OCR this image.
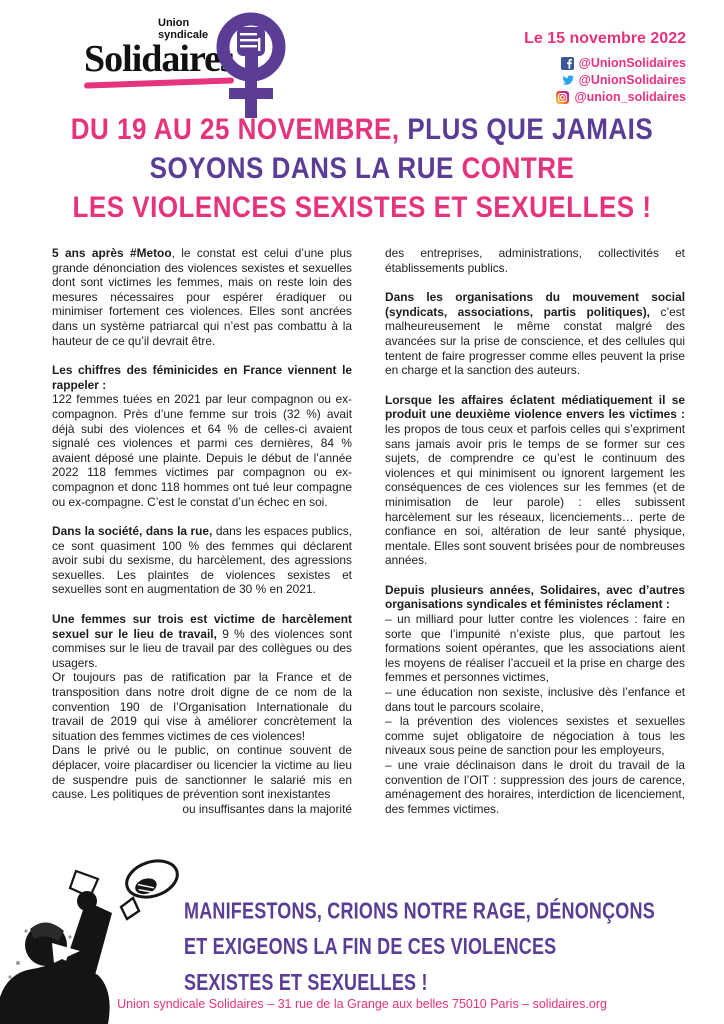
Union syndicale
Solidaires	Le 15 novembre 2022
@UnionSolidaires
@UnionSolidaires
@union_solidaires
DU 19 AU 25 NOVEMBRE, PLUS QUE JAMAIS
SOYONS DANS LA RUE CONTRE
LES VIOLENCES SEXISTES ET SEXUELLES !

5 ans après #Metoo, le constat est celui d’une plus grande dénonciation des violences sexistes et sexuelles dont sont victimes les femmes, mais on reste loin des mesures nécessaires pour espérer éradiquer ou minimiser fortement ces violences. Elles sont ancrées dans un système patriarcal qui n’est pas combattu à la hauteur de ce qu’il devrait être.

Les chiffres des féminicides en France viennent le rappeler :

122 femmes tuées en 2021 par leur compagnon ou ex-compagnon. Près d’une femme sur trois (32 %) avait déjà subi des violences et 64 % de celles-ci avaient signalé ces violences et parmi ces dernières, 84 % avaient déposé une plainte. Depuis le début de l’année 2022 118 femmes victimes par compagnon ou ex-compagnon et donc 118 hommes ont tué leur compagne ou ex-compagne. C’est le constat d’un échec en soi.

Dans la société, dans la rue, dans les espaces publics, ce sont quasiment 100 % des femmes qui déclarent avoir subi du sexisme, du harcèlement, des agressions sexuelles. Les plaintes de violences sexistes et sexuelles sont en augmentation de 30 % en 2021.

Une femmes sur trois est victime de harcèlement sexuel sur le lieu de travail, 9 % des violences sont commises sur le lieu de travail par des collègues ou des usagers.

Or toujours pas de ratification par la France et de transposition dans notre droit digne de ce nom de la convention 190 de l’Organisation Internationale du travail de 2019 qui vise à améliorer concrètement la situation des femmes victimes de ces violences!

Dans le privé ou le public, on continue souvent de déplacer, voire placardiser ou licencier la victime au lieu de suspendre puis de sanctionner le salarié mis en cause. Les politiques de prévention sont inexistantes
ou insuffisantes dans la majorité

des entreprises, administrations, collectivités et établissements publics.

Dans les organisations du mouvement social (syndicats, associations, partis politiques), c’est malheureusement le même constat malgré des avancées sur la prise de conscience, et des cellules qui tentent de faire progresser comme elles peuvent la prise en charge et la sanction des auteurs.

Lorsque les affaires éclatent médiatiquement il se produit une deuxième violence envers les victimes : les propos de tous ceux et parfois celles qui s’expriment sans jamais avoir pris le temps de se former sur ces sujets, de comprendre ce qu’est le continuum des violences et qui minimisent ou ignorent largement les conséquences de ces violences sur les femmes (et de minimisation de leur parole) : elles subissent harcèlement sur les réseaux, licenciements… perte de confiance en soi, altération de leur santé physique, mentale. Elles sont souvent brisées pour de nombreuses années.

Depuis plusieurs années, Solidaires, avec d’autres organisations syndicales et féministes réclament :

– un milliard pour lutter contre les violences : faire en sorte que l’impunité n’existe plus, que partout les formations soient opérantes, que les associations aient les moyens de réaliser l’accueil et la prise en charge des femmes et personnes victimes,

– une éducation non sexiste, inclusive dès l’enfance et dans tout le parcours scolaire,

– la prévention des violences sexistes et sexuelles comme sujet obligatoire de négociation à tous les niveaux sous peine de sanction pour les employeurs,

– une vraie déclinaison dans le droit du travail de la convention de l’OIT : suppression des jours de carence, aménagement des horaires, interdiction de licenciement, des femmes victimes.

MANIFESTONS, CRIONS NOTRE RAGE, DÉNONÇONS
ET EXIGEONS LA FIN DE CES VIOLENCES
SEXISTES ET SEXUELLES !
Union syndicale Solidaires – 31 rue de la Grange aux belles 75010 Paris – solidaires.org
